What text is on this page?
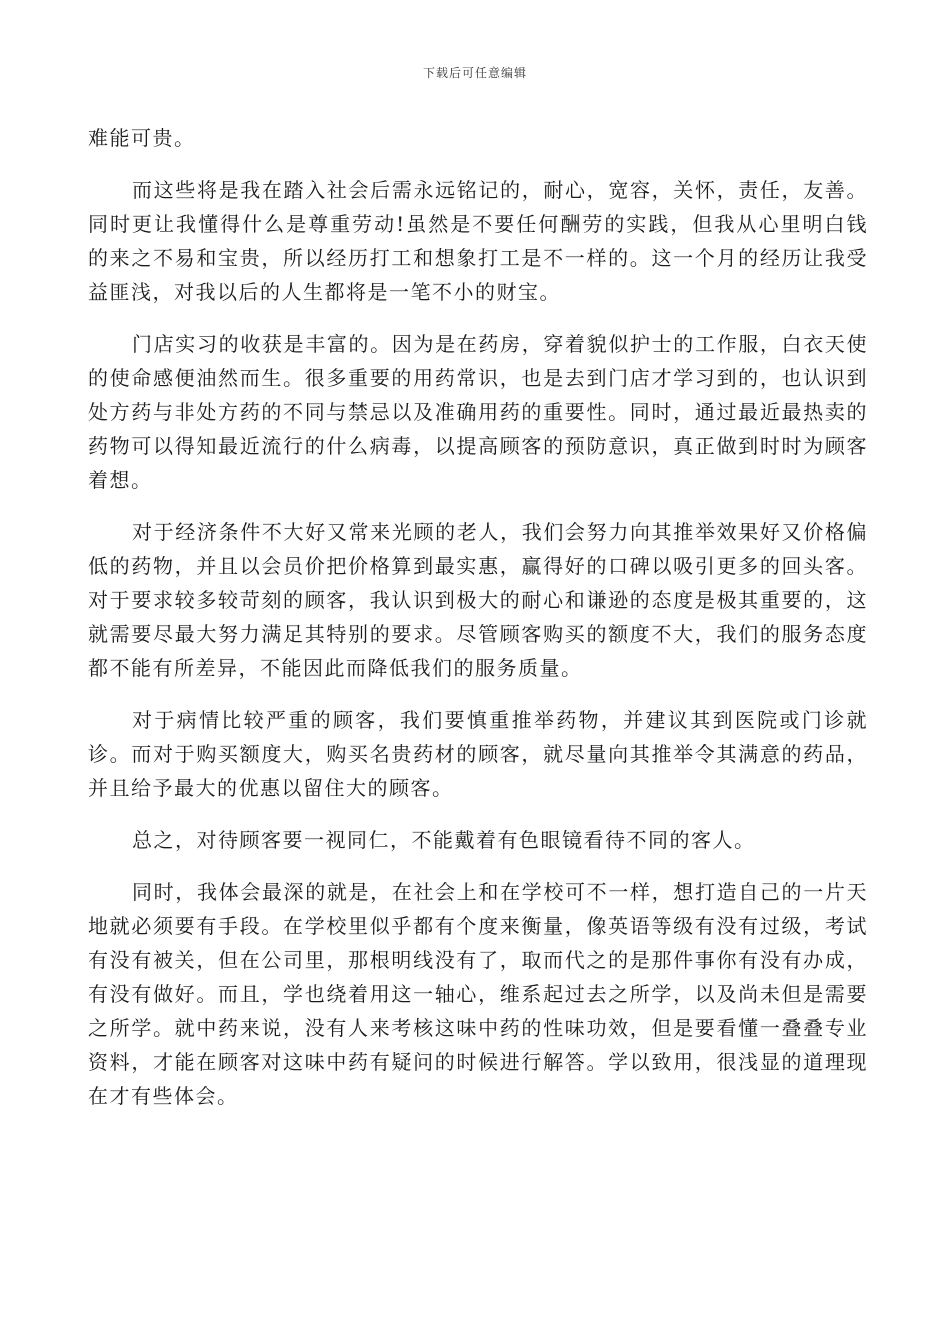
下载后可任意编辑

难能可贵。

而这些将是我在踏入社会后需永远铭记的，耐心，宽容，关怀，责任，友善。同时更让我懂得什么是尊重劳动!虽然是不要任何酬劳的实践，但我从心里明白钱的来之不易和宝贵，所以经历打工和想象打工是不一样的。这一个月的经历让我受益匪浅，对我以后的人生都将是一笔不小的财宝。

门店实习的收获是丰富的。因为是在药房，穿着貌似护士的工作服，白衣天使的使命感便油然而生。很多重要的用药常识，也是去到门店才学习到的，也认识到处方药与非处方药的不同与禁忌以及准确用药的重要性。同时，通过最近最热卖的药物可以得知最近流行的什么病毒，以提高顾客的预防意识，真正做到时时为顾客着想。

对于经济条件不大好又常来光顾的老人，我们会努力向其推举效果好又价格偏低的药物，并且以会员价把价格算到最实惠，赢得好的口碑以吸引更多的回头客。对于要求较多较苛刻的顾客，我认识到极大的耐心和谦逊的态度是极其重要的，这就需要尽最大努力满足其特别的要求。尽管顾客购买的额度不大，我们的服务态度都不能有所差异，不能因此而降低我们的服务质量。

对于病情比较严重的顾客，我们要慎重推举药物，并建议其到医院或门诊就诊。而对于购买额度大，购买名贵药材的顾客，就尽量向其推举令其满意的药品，并且给予最大的优惠以留住大的顾客。

总之，对待顾客要一视同仁，不能戴着有色眼镜看待不同的客人。

同时，我体会最深的就是，在社会上和在学校可不一样，想打造自己的一片天地就必须要有手段。在学校里似乎都有个度来衡量，像英语等级有没有过级，考试有没有被关，但在公司里，那根明线没有了，取而代之的是那件事你有没有办成，有没有做好。而且，学也绕着用这一轴心，维系起过去之所学，以及尚未但是需要之所学。就中药来说，没有人来考核这味中药的性味功效，但是要看懂一叠叠专业资料，才能在顾客对这味中药有疑问的时候进行解答。学以致用，很浅显的道理现在才有些体会。
